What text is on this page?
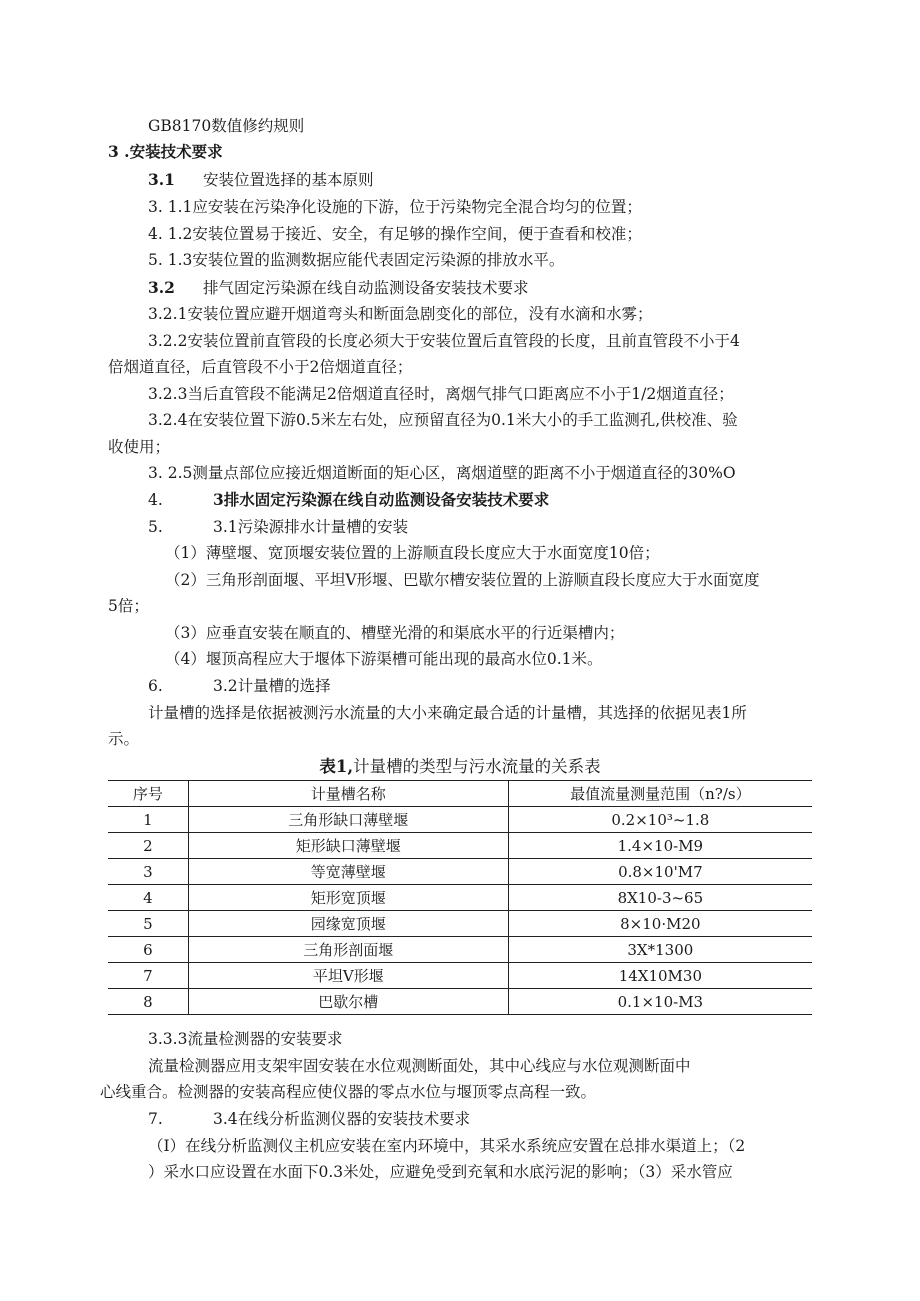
GB8170数值修约规则
3 .安装技术要求
3.1 安装位置选择的基本原则
3. 1.1应安装在污染净化设施的下游，位于污染物完全混合均匀的位置；
4. 1.2安装位置易于接近、安全，有足够的操作空间，便于查看和校准；
5. 1.3安装位置的监测数据应能代表固定污染源的排放水平。
3.2 排气固定污染源在线自动监测设备安装技术要求
3.2.1安装位置应避开烟道弯头和断面急剧变化的部位，没有水滴和水雾；
3.2.2安装位置前直管段的长度必须大于安装位置后直管段的长度，且前直管段不小于4
倍烟道直径，后直管段不小于2倍烟道直径；
3.2.3当后直管段不能满足2倍烟道直径时，离烟气排气口距离应不小于1/2烟道直径；
3.2.4在安装位置下游0.5米左右处，应预留直径为0.1米大小的手工监测孔,供校准、验
收使用；
3. 2.5测量点部位应接近烟道断面的矩心区，离烟道壁的距离不小于烟道直径的30%O
4.	3排水固定污染源在线自动监测设备安装技术要求
5.	3.1污染源排水计量槽的安装
（1）薄壁堰、宽顶堰安装位置的上游顺直段长度应大于水面宽度10倍；
（2）三角形剖面堰、平坦V形堰、巴歇尔槽安装位置的上游顺直段长度应大于水面宽度
5倍；
（3）应垂直安装在顺直的、槽壁光滑的和渠底水平的行近渠槽内；
（4）堰顶高程应大于堰体下游渠槽可能出现的最高水位0.1米。
6.	3.2计量槽的选择
计量槽的选择是依据被测污水流量的大小来确定最合适的计量槽，其选择的依据见表1所
示。
表1,计量槽的类型与污水流量的关系表
序号	计量槽名称	最值流量测量范围（n?/s）
1	三角形缺口薄壁堰	0.2×10³~1.8
2	矩形缺口薄壁堰	1.4×10-M9
3	等宽薄壁堰	0.8×10'M7
4	矩形宽顶堰	8X10-3~65
5	园缘宽顶堰	8×10·M20
6	三角形剖面堰	3X*1300
7	平坦V形堰	14X10M30
8	巴歇尔槽	0.1×10-M3
3.3.3流量检测器的安装要求
流量检测器应用支架牢固安装在水位观测断面处，其中心线应与水位观测断面中
心线重合。检测器的安装高程应使仪器的零点水位与堰顶零点高程一致。
7.	3.4在线分析监测仪器的安装技术要求
（I）在线分析监测仪主机应安装在室内环境中，其采水系统应安置在总排水渠道上；（2
）采水口应设置在水面下0.3米处，应避免受到充氧和水底污泥的影响；（3）采水管应
